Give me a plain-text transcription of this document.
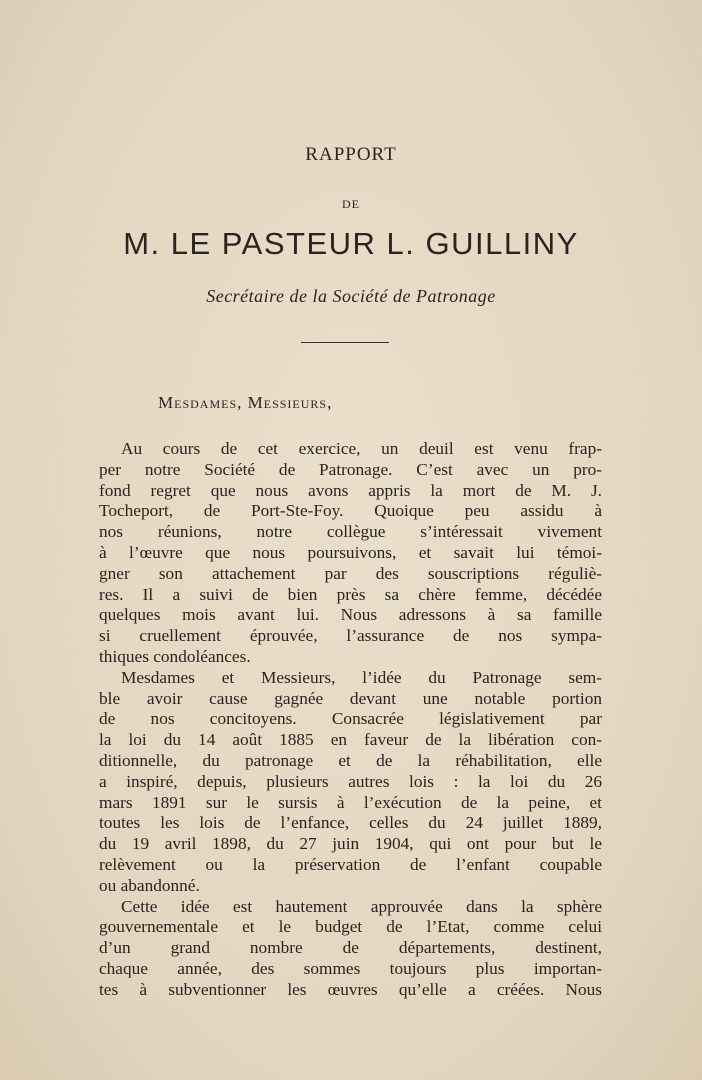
RAPPORT
DE
M. LE PASTEUR L. GUILLINY
Secrétaire de la Société de Patronage
Mesdames, Messieurs,
Au cours de cet exercice, un deuil est venu frap-
per notre Société de Patronage. C’est avec un pro-
fond regret que nous avons appris la mort de M. J.
Tocheport, de Port-Ste-Foy. Quoique peu assidu à
nos réunions, notre collègue s’intéressait vivement
à l’œuvre que nous poursuivons, et savait lui témoi-
gner son attachement par des souscriptions réguliè-
res. Il a suivi de bien près sa chère femme, décédée
quelques mois avant lui. Nous adressons à sa famille
si cruellement éprouvée, l’assurance de nos sympa-
thiques condoléances.
Mesdames et Messieurs, l’idée du Patronage sem-
ble avoir cause gagnée devant une notable portion
de nos concitoyens. Consacrée législativement par
la loi du 14 août 1885 en faveur de la libération con-
ditionnelle, du patronage et de la réhabilitation, elle
a inspiré, depuis, plusieurs autres lois : la loi du 26
mars 1891 sur le sursis à l’exécution de la peine, et
toutes les lois de l’enfance, celles du 24 juillet 1889,
du 19 avril 1898, du 27 juin 1904, qui ont pour but le
relèvement ou la préservation de l’enfant coupable
ou abandonné.
Cette idée est hautement approuvée dans la sphère
gouvernementale et le budget de l’Etat, comme celui
d’un grand nombre de départements, destinent,
chaque année, des sommes toujours plus importan-
tes à subventionner les œuvres qu’elle a créées. Nous
